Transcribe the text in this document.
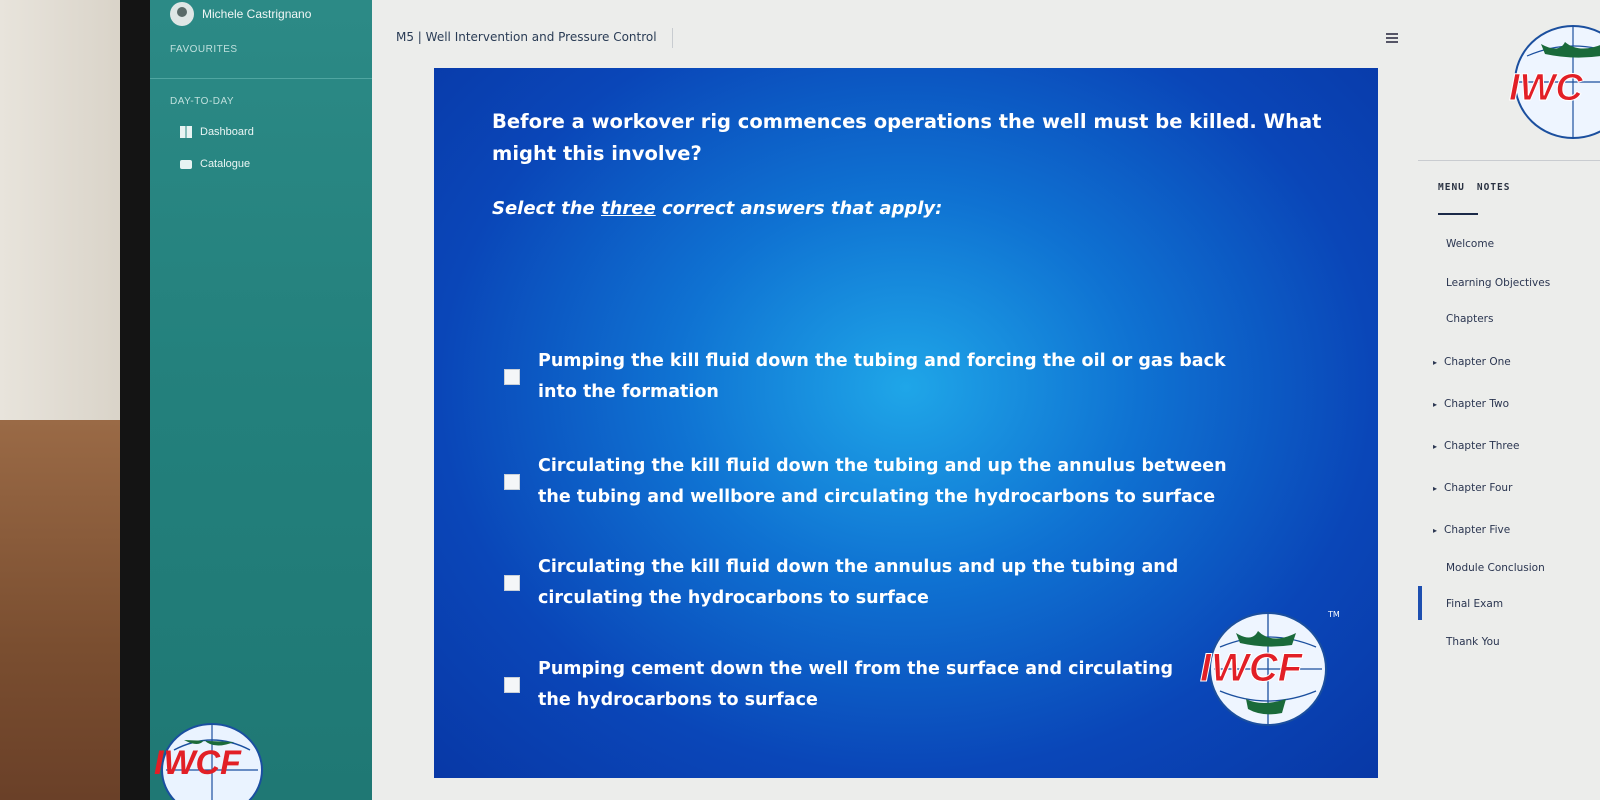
Michele Castrignano
FAVOURITES
DAY-TO-DAY
Dashboard
Catalogue
IWCF
M5 | Well Intervention and Pressure Control
Before a workover rig commences operations the well must be killed. What might this involve?
Select the three correct answers that apply:
Pumping the kill fluid down the tubing and forcing the oil or gas back into the formation
Circulating the kill fluid down the tubing and up the annulus between the tubing and wellbore and circulating the hydrocarbons to surface
Circulating the kill fluid down the annulus and up the tubing and circulating the hydrocarbons to surface
Pumping cement down the well from the surface and circulating the hydrocarbons to surface
IWCF
TM
IWC
MENU NOTES
Welcome
Learning Objectives
Chapters
▸ Chapter One
▸ Chapter Two
▸ Chapter Three
▸ Chapter Four
▸ Chapter Five
Module Conclusion
Final Exam
Thank You
